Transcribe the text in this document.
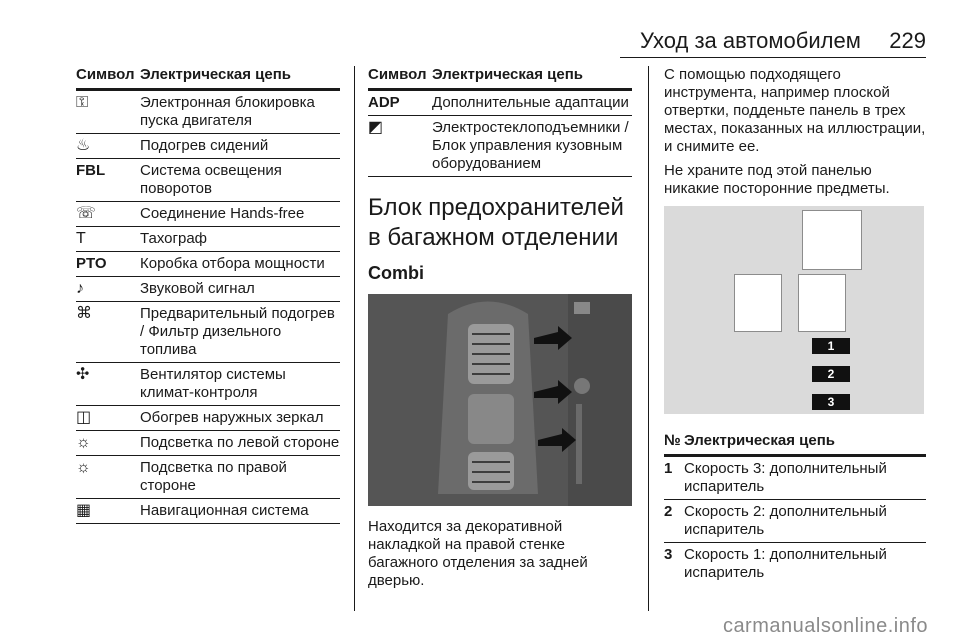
Уход за автомобилем 229
Символ Электрическая цепь
⚿	Электронная блокировка пуска двигателя
♨	Подогрев сидений
FBL	Система освещения поворотов
☏	Соединение Hands-free
T	Тахограф
PTO	Коробка отбора мощности
♪	Звуковой сигнал
⌘	Предварительный подогрев / Фильтр дизельного топлива
✣	Вентилятор системы климат-контроля
◫	Обогрев наружных зеркал
☼	Подсветка по левой стороне
☼	Подсветка по правой стороне
▦	Навигационная система
Символ Электрическая цепь
ADP	Дополнительные адаптации
◩	Электростеклоподъемники / Блок управления кузовным оборудованием
Блок предохранителей в багажном отделении
Combi
Находится за декоративной накладкой на правой стенке багажного отделения за задней дверью.
С помощью подходящего инструмента, например плоской отвертки, подденьте панель в трех местах, показанных на иллюстрации, и снимите ее.
Не храните под этой панелью никакие посторонние предметы.
1
2
3
№ Электрическая цепь
1 Скорость 3: дополнительный испаритель
2 Скорость 2: дополнительный испаритель
3 Скорость 1: дополнительный испаритель
carmanualsonline.info
